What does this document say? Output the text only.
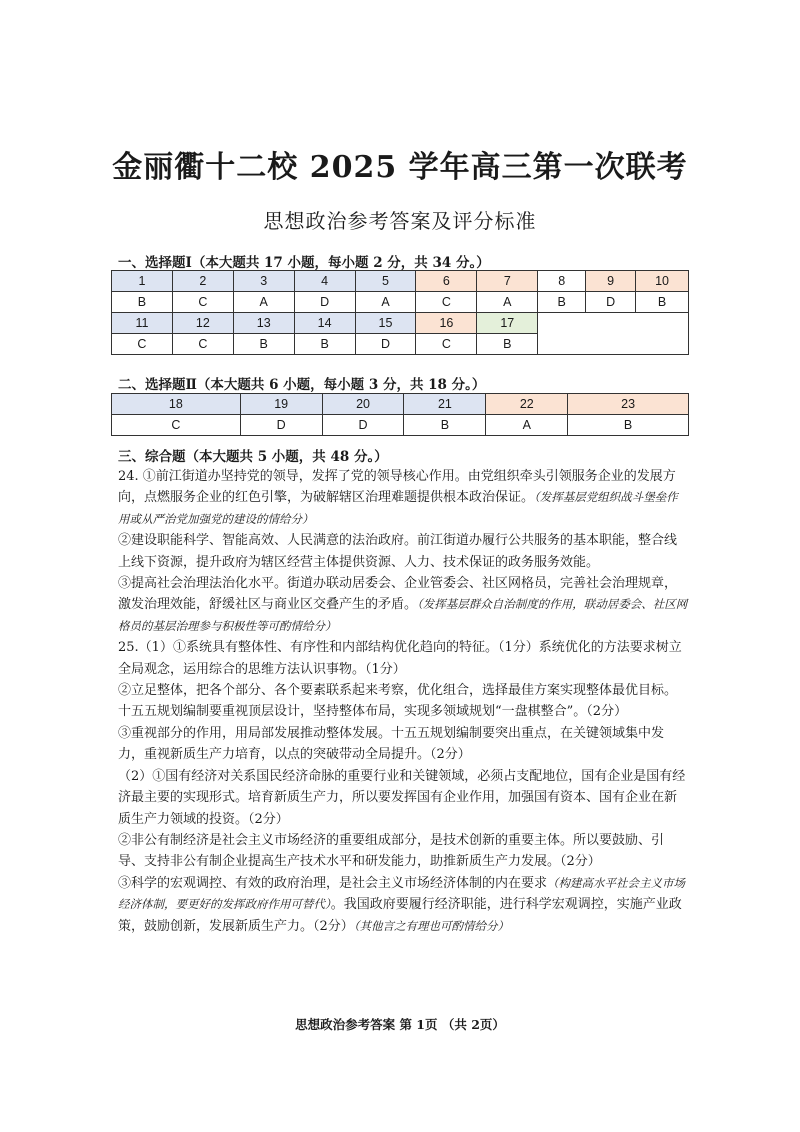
金丽衢十二校 2025 学年高三第一次联考
思想政治参考答案及评分标准
一、选择题Ⅰ（本大题共 17 小题，每小题 2 分，共 34 分。）
1	2	3	4	5	6	7	8	9	10
B	C	A	D	A	C	A	B	D	B
11	12	13	14	15	16	17			
C	C	B	B	D	C	B			
二、选择题Ⅱ（本大题共 6 小题，每小题 3 分，共 18 分。）
18	19	20	21	22	23
C	D	D	B	A	B
三、综合题（本大题共 5 小题，共 48 分。）

24. ①前江街道办坚持党的领导，发挥了党的领导核心作用。由党组织牵头引领服务企业的发展方向，点燃服务企业的红色引擎，为破解辖区治理难题提供根本政治保证。（发挥基层党组织战斗堡垒作用或从严治党加强党的建设的情给分）

②建设职能科学、智能高效、人民满意的法治政府。前江街道办履行公共服务的基本职能，整合线上线下资源，提升政府为辖区经营主体提供资源、人力、技术保证的政务服务效能。

③提高社会治理法治化水平。街道办联动居委会、企业管委会、社区网格员，完善社会治理规章，激发治理效能，舒缓社区与商业区交叠产生的矛盾。（发挥基层群众自治制度的作用，联动居委会、社区网格员的基层治理参与积极性等可酌情给分）

25.（1）①系统具有整体性、有序性和内部结构优化趋向的特征。（1分）系统优化的方法要求树立全局观念，运用综合的思维方法认识事物。（1分）

②立足整体，把各个部分、各个要素联系起来考察，优化组合，选择最佳方案实现整体最优目标。十五五规划编制要重视顶层设计，坚持整体布局，实现多领域规划“一盘棋整合”。（2分）

③重视部分的作用，用局部发展推动整体发展。十五五规划编制要突出重点，在关键领域集中发力，重视新质生产力培育，以点的突破带动全局提升。（2分）

（2）①国有经济对关系国民经济命脉的重要行业和关键领域，必须占支配地位，国有企业是国有经济最主要的实现形式。培育新质生产力，所以要发挥国有企业作用，加强国有资本、国有企业在新质生产力领域的投资。（2分）

②非公有制经济是社会主义市场经济的重要组成部分，是技术创新的重要主体。所以要鼓励、引导、支持非公有制企业提高生产技术水平和研发能力，助推新质生产力发展。（2分）

③科学的宏观调控、有效的政府治理，是社会主义市场经济体制的内在要求（构建高水平社会主义市场经济体制，要更好的发挥政府作用可替代）。我国政府要履行经济职能，进行科学宏观调控，实施产业政策，鼓励创新，发展新质生产力。（2分）（其他言之有理也可酌情给分）

思想政治参考答案 第 1页 （共 2页）
